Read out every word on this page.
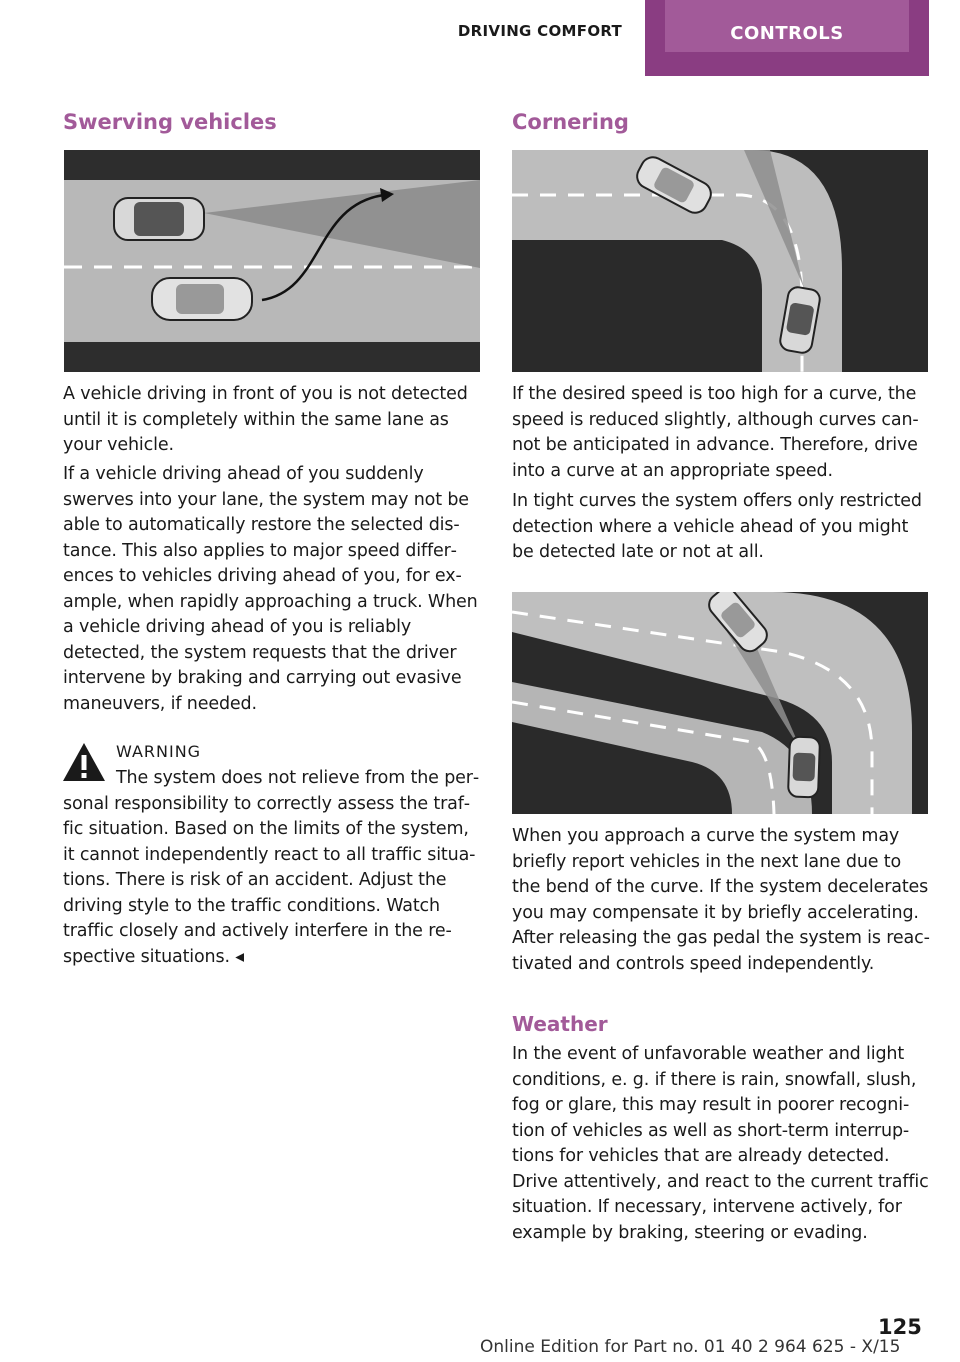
DRIVING COMFORT	CONTROLS
Swerving vehicles

A vehicle driving in front of you is not detected until it is completely within the same lane as your vehicle.

If a vehicle driving ahead of you suddenly swerves into your lane, the system may not be able to automatically restore the selected distance. This also applies to major speed differences to vehicles driving ahead of you, for example, when rapidly approaching a truck. When a vehicle driving ahead of you is reliably detected, the system requests that the driver intervene by braking and carrying out evasive maneuvers, if needed.

WARNING

The system does not relieve from the personal responsibility to correctly assess the traffic situation. Based on the limits of the system, it cannot independently react to all traffic situations. There is risk of an accident. Adjust the driving style to the traffic conditions. Watch traffic closely and actively interfere in the respective situations. ◂

Cornering

If the desired speed is too high for a curve, the speed is reduced slightly, although curves cannot be anticipated in advance. Therefore, drive into a curve at an appropriate speed.

In tight curves the system offers only restricted detection where a vehicle ahead of you might be detected late or not at all.

When you approach a curve the system may briefly report vehicles in the next lane due to the bend of the curve. If the system decelerates you may compensate it by briefly accelerating. After releasing the gas pedal the system is reactivated and controls speed independently.

Weather

In the event of unfavorable weather and light conditions, e. g. if there is rain, snowfall, slush, fog or glare, this may result in poorer recognition of vehicles as well as short-term interruptions for vehicles that are already detected. Drive attentively, and react to the current traffic situation. If necessary, intervene actively, for example by braking, steering or evading.

125
Online Edition for Part no. 01 40 2 964 625 - X/15
